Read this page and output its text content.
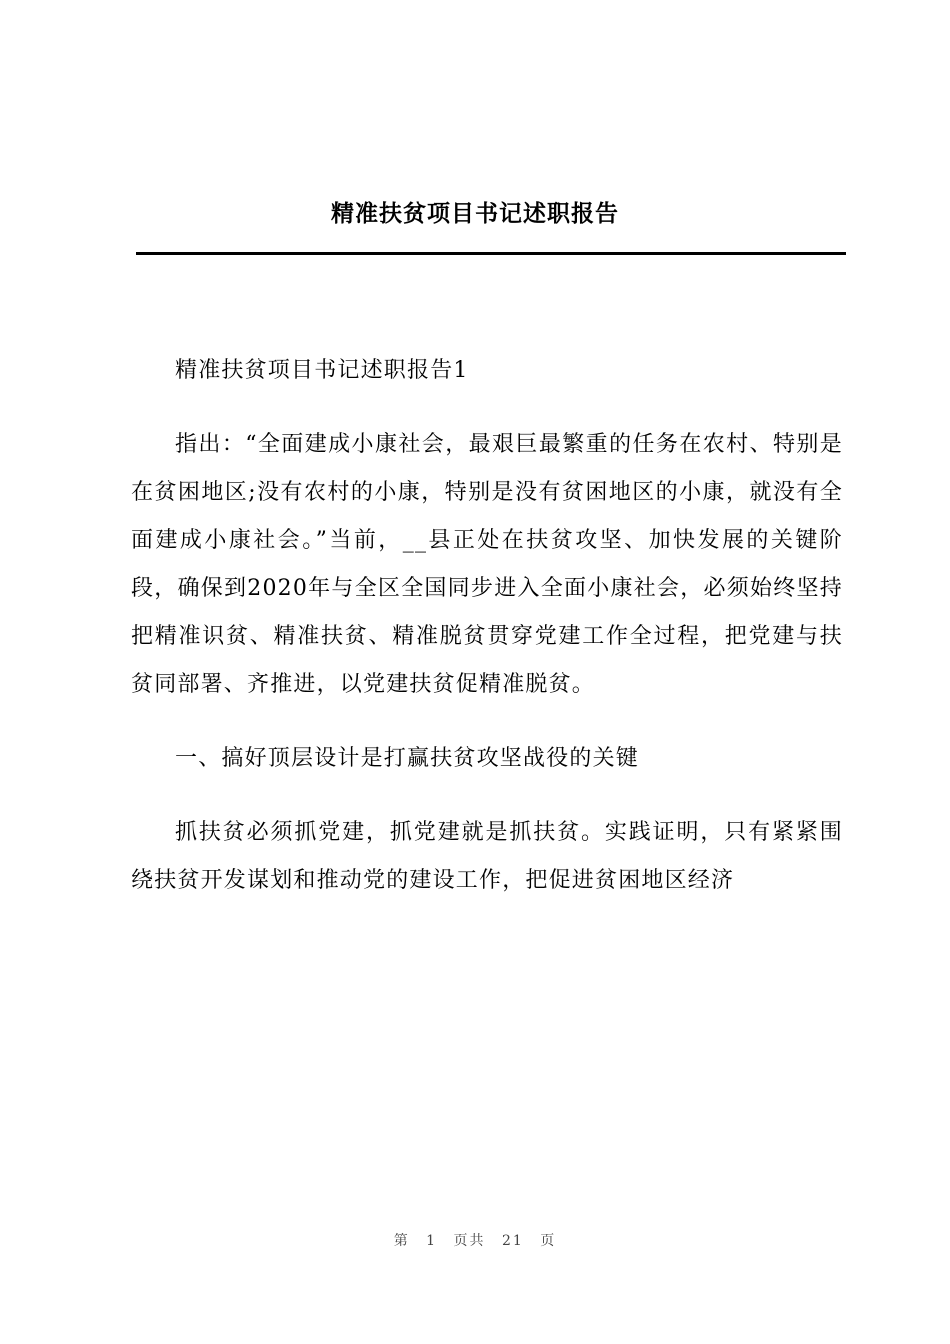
精准扶贫项目书记述职报告

精准扶贫项目书记述职报告1

指出：“全面建成小康社会，最艰巨最繁重的任务在农村、特别是在贫困地区;没有农村的小康，特别是没有贫困地区的小康，就没有全面建成小康社会。”当前，__县正处在扶贫攻坚、加快发展的关键阶段，确保到2020年与全区全国同步进入全面小康社会，必须始终坚持把精准识贫、精准扶贫、精准脱贫贯穿党建工作全过程，把党建与扶贫同部署、齐推进，以党建扶贫促精准脱贫。

一、搞好顶层设计是打赢扶贫攻坚战役的关键

抓扶贫必须抓党建，抓党建就是抓扶贫。实践证明，只有紧紧围绕扶贫开发谋划和推动党的建设工作，把促进贫困地区经济

第 1 页共 21 页
